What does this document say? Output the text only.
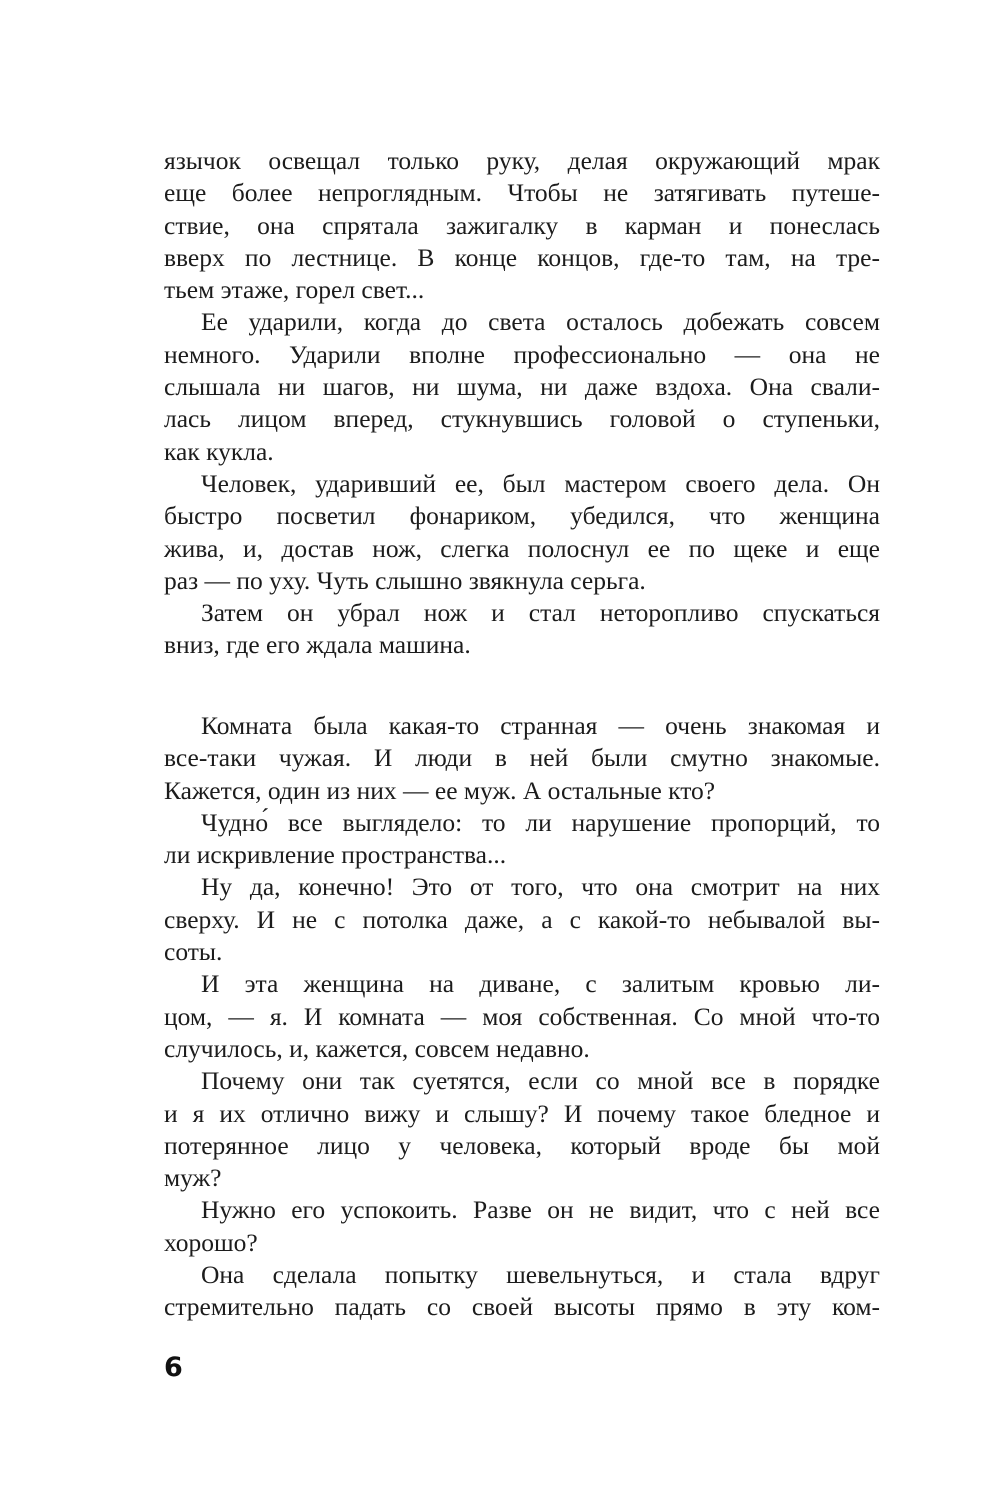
язычок освещал только руку, делая окружающий мрак
еще более непроглядным. Чтобы не затягивать путеше-
ствие, она спрятала зажигалку в карман и понеслась
вверх по лестнице. В конце концов, где-то там, на тре-
тьем этаже, горел свет...
Ее ударили, когда до света осталось добежать совсем
немного. Ударили вполне профессионально — она не
слышала ни шагов, ни шума, ни даже вздоха. Она свали-
лась лицом вперед, стукнувшись головой о ступеньки,
как кукла.
Человек, ударивший ее, был мастером своего дела. Он
быстро посветил фонариком, убедился, что женщина
жива, и, достав нож, слегка полоснул ее по щеке и еще
раз — по уху. Чуть слышно звякнула серьга.
Затем он убрал нож и стал неторопливо спускаться
вниз, где его ждала машина.
Комната была какая-то странная — очень знакомая и
все-таки чужая. И люди в ней были смутно знакомые.
Кажется, один из них — ее муж. А остальные кто?
Чудно́ все выглядело: то ли нарушение пропорций, то
ли искривление пространства...
Ну да, конечно! Это от того, что она смотрит на них
сверху. И не с потолка даже, а с какой-то небывалой вы-
соты.
И эта женщина на диване, с залитым кровью ли-
цом, — я. И комната — моя собственная. Со мной что-то
случилось, и, кажется, совсем недавно.
Почему они так суетятся, если со мной все в порядке
и я их отлично вижу и слышу? И почему такое бледное и
потерянное лицо у человека, который вроде бы мой
муж?
Нужно его успокоить. Разве он не видит, что с ней все
хорошо?
Она сделала попытку шевельнуться, и стала вдруг
стремительно падать со своей высоты прямо в эту ком-
6
